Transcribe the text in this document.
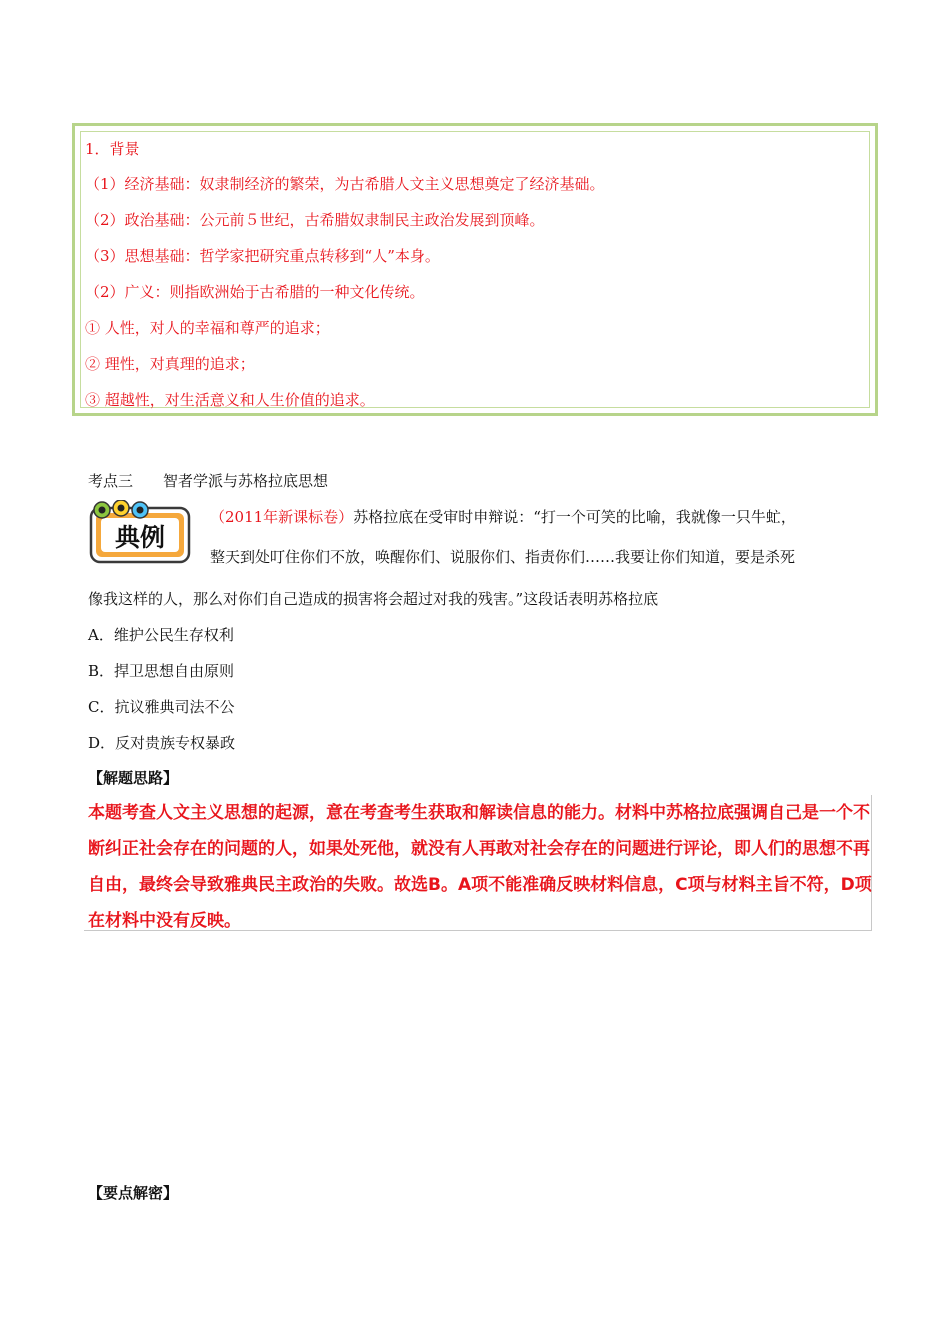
1．背景
（1）经济基础：奴隶制经济的繁荣，为古希腊人文主义思想奠定了经济基础。
（2）政治基础：公元前５世纪，古希腊奴隶制民主政治发展到顶峰。
（3）思想基础：哲学家把研究重点转移到“人”本身。
（2）广义：则指欧洲始于古希腊的一种文化传统。
① 人性，对人的幸福和尊严的追求；
② 理性，对真理的追求；
③ 超越性，对生活意义和人生价值的追求。
考点三 智者学派与苏格拉底思想
典例
（2011年新课标卷）苏格拉底在受审时申辩说：“打一个可笑的比喻，我就像一只牛虻，
整天到处叮住你们不放，唤醒你们、说服你们、指责你们……我要让你们知道，要是杀死
像我这样的人，那么对你们自己造成的损害将会超过对我的残害。”这段话表明苏格拉底
A．维护公民生存权利
B．捍卫思想自由原则
C．抗议雅典司法不公
D．反对贵族专权暴政
【解题思路】
本题考查人文主义思想的起源，意在考查考生获取和解读信息的能力。材料中苏格拉底强调自己是一个不
断纠正社会存在的问题的人，如果处死他，就没有人再敢对社会存在的问题进行评论，即人们的思想不再
自由，最终会导致雅典民主政治的失败。故选B。A项不能准确反映材料信息，C项与材料主旨不符，D项
在材料中没有反映。
【要点解密】
